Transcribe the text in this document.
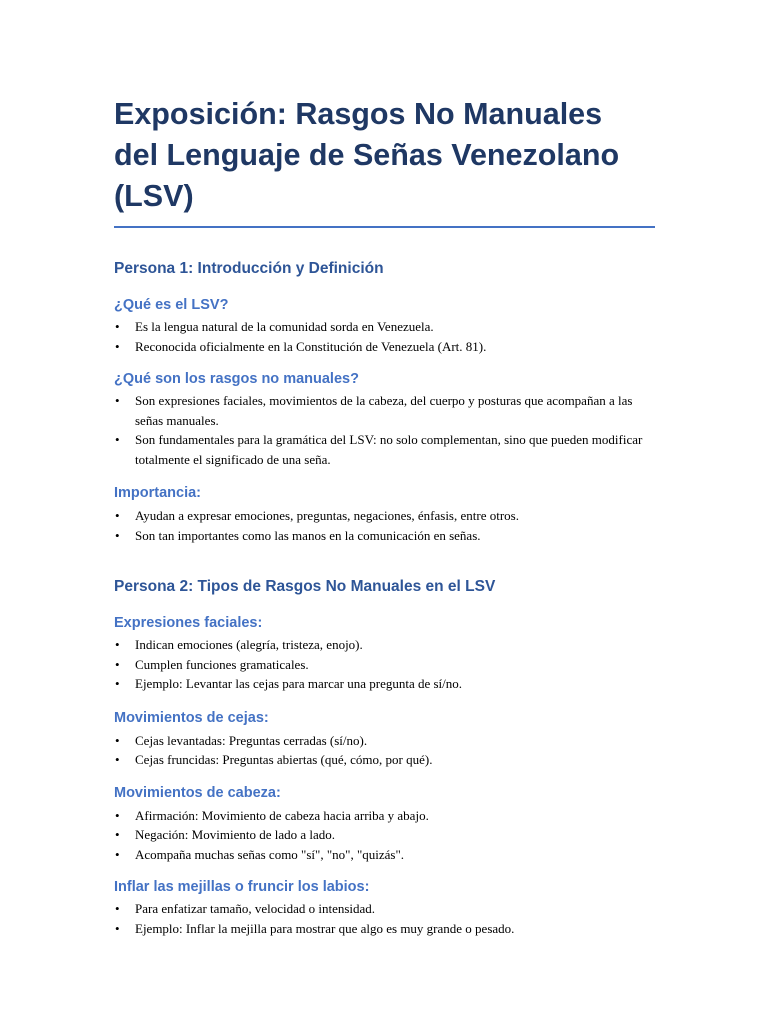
Exposición: Rasgos No Manuales del Lenguaje de Señas Venezolano (LSV)
Persona 1: Introducción y Definición
¿Qué es el LSV?
• Es la lengua natural de la comunidad sorda en Venezuela.
• Reconocida oficialmente en la Constitución de Venezuela (Art. 81).
¿Qué son los rasgos no manuales?
• Son expresiones faciales, movimientos de la cabeza, del cuerpo y posturas que acompañan a las señas manuales.
• Son fundamentales para la gramática del LSV: no solo complementan, sino que pueden modificar totalmente el significado de una seña.
Importancia:
• Ayudan a expresar emociones, preguntas, negaciones, énfasis, entre otros.
• Son tan importantes como las manos en la comunicación en señas.
Persona 2: Tipos de Rasgos No Manuales en el LSV
Expresiones faciales:
• Indican emociones (alegría, tristeza, enojo).
• Cumplen funciones gramaticales.
• Ejemplo: Levantar las cejas para marcar una pregunta de sí/no.
Movimientos de cejas:
• Cejas levantadas: Preguntas cerradas (sí/no).
• Cejas fruncidas: Preguntas abiertas (qué, cómo, por qué).
Movimientos de cabeza:
• Afirmación: Movimiento de cabeza hacia arriba y abajo.
• Negación: Movimiento de lado a lado.
• Acompaña muchas señas como "sí", "no", "quizás".
Inflar las mejillas o fruncir los labios:
• Para enfatizar tamaño, velocidad o intensidad.
• Ejemplo: Inflar la mejilla para mostrar que algo es muy grande o pesado.
